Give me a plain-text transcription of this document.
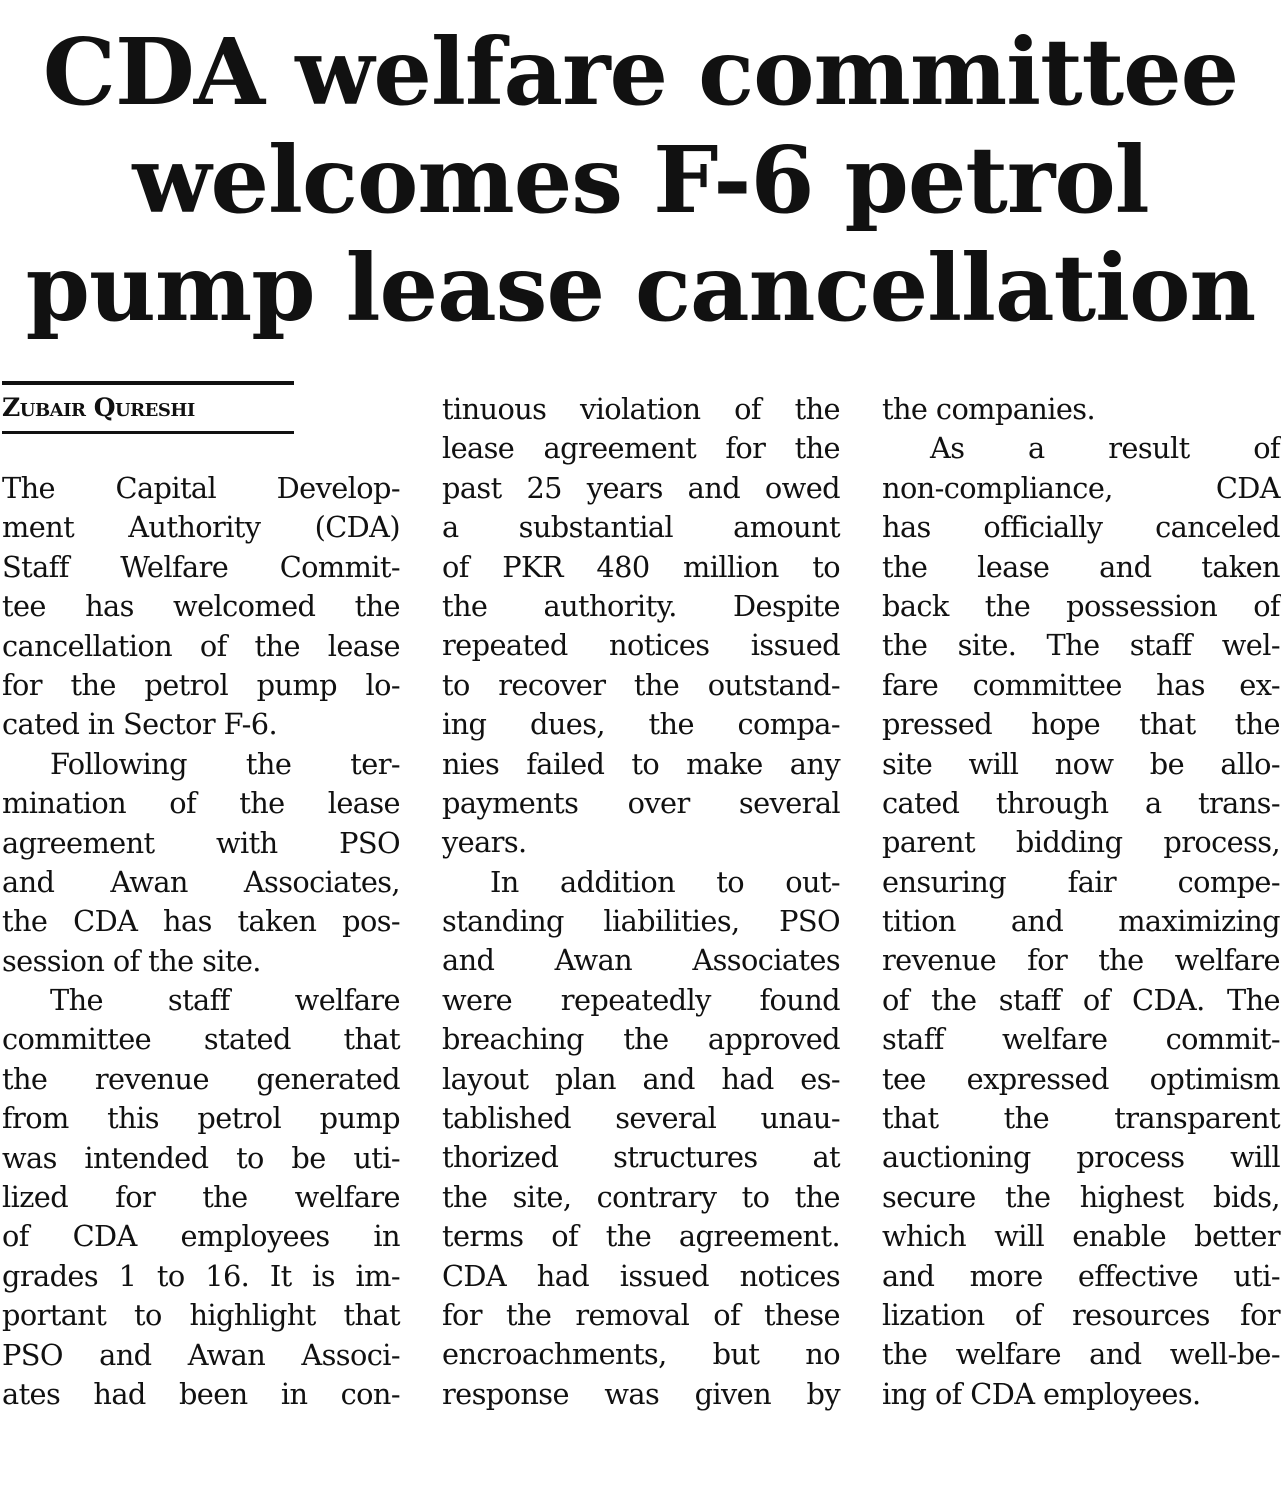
CDA welfare committee welcomes F-6 petrol pump lease cancellation
Zubair Qureshi
The Capital Develop-
ment Authority (CDA)
Staff Welfare Commit-
tee has welcomed the
cancellation of the lease
for the petrol pump lo-
cated in Sector F-6.
Following the ter-
mination of the lease
agreement with PSO
and Awan Associates,
the CDA has taken pos-
session of the site.
The staff welfare
committee stated that
the revenue generated
from this petrol pump
was intended to be uti-
lized for the welfare
of CDA employees in
grades 1 to 16. It is im-
portant to highlight that
PSO and Awan Associ-
ates had been in con-
tinuous violation of the
lease agreement for the
past 25 years and owed
a substantial amount
of PKR 480 million to
the authority. Despite
repeated notices issued
to recover the outstand-
ing dues, the compa-
nies failed to make any
payments over several
years.
In addition to out-
standing liabilities, PSO
and Awan Associates
were repeatedly found
breaching the approved
layout plan and had es-
tablished several unau-
thorized structures at
the site, contrary to the
terms of the agreement.
CDA had issued notices
for the removal of these
encroachments, but no
response was given by
the companies.
As a result of
non-compliance, CDA
has officially canceled
the lease and taken
back the possession of
the site. The staff wel-
fare committee has ex-
pressed hope that the
site will now be allo-
cated through a trans-
parent bidding process,
ensuring fair compe-
tition and maximizing
revenue for the welfare
of the staff of CDA. The
staff welfare commit-
tee expressed optimism
that the transparent
auctioning process will
secure the highest bids,
which will enable better
and more effective uti-
lization of resources for
the welfare and well-be-
ing of CDA employees.
